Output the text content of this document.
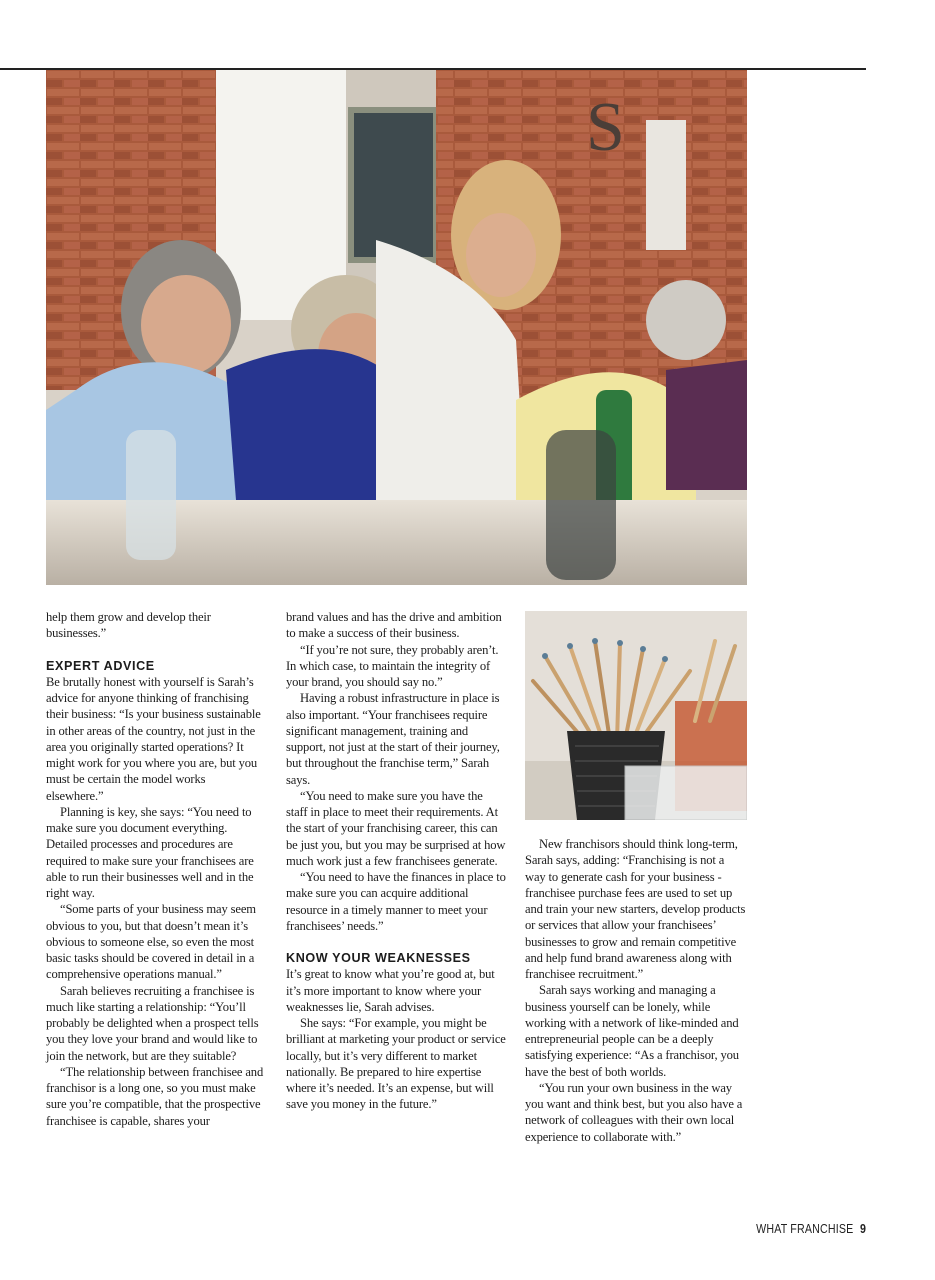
S

help them grow and develop their businesses.”

EXPERT ADVICE

Be brutally honest with yourself is Sarah’s advice for anyone thinking of franchising their business: “Is your business sustainable in other areas of the country, not just in the area you originally started operations? It might work for you where you are, but you must be certain the model works elsewhere.”

Planning is key, she says: “You need to make sure you document everything. Detailed processes and procedures are required to make sure your franchisees are able to run their businesses well and in the right way.

“Some parts of your business may seem obvious to you, but that doesn’t mean it’s obvious to someone else, so even the most basic tasks should be covered in detail in a comprehensive operations manual.”

Sarah believes recruiting a franchisee is much like starting a relationship: “You’ll probably be delighted when a prospect tells you they love your brand and would like to join the network, but are they suitable?

“The relationship between franchisee and franchisor is a long one, so you must make sure you’re compatible, that the prospective franchisee is capable, shares your

brand values and has the drive and ambition to make a success of their business.

“If you’re not sure, they probably aren’t. In which case, to maintain the integrity of your brand, you should say no.”

Having a robust infrastructure in place is also important. “Your franchisees require significant management, training and support, not just at the start of their journey, but throughout the franchise term,” Sarah says.

“You need to make sure you have the staff in place to meet their requirements. At the start of your franchising career, this can be just you, but you may be surprised at how much work just a few franchisees generate.

“You need to have the finances in place to make sure you can acquire additional resource in a timely manner to meet your franchisees’ needs.”

KNOW YOUR WEAKNESSES

It’s great to know what you’re good at, but it’s more important to know where your weaknesses lie, Sarah advises.

She says: “For example, you might be brilliant at marketing your product or service locally, but it’s very different to market nationally. Be prepared to hire expertise where it’s needed. It’s an expense, but will save you money in the future.”

New franchisors should think long-term, Sarah says, adding: “Franchising is not a way to generate cash for your business - franchisee purchase fees are used to set up and train your new starters, develop products or services that allow your franchisees’ businesses to grow and remain competitive and help fund brand awareness along with franchisee recruitment.”

Sarah says working and managing a business yourself can be lonely, while working with a network of like-minded and entrepreneurial people can be a deeply satisfying experience: “As a franchisor, you have the best of both worlds.

“You run your own business in the way you want and think best, but you also have a network of colleagues with their own local experience to collaborate with.”

WHAT FRANCHISE 9
